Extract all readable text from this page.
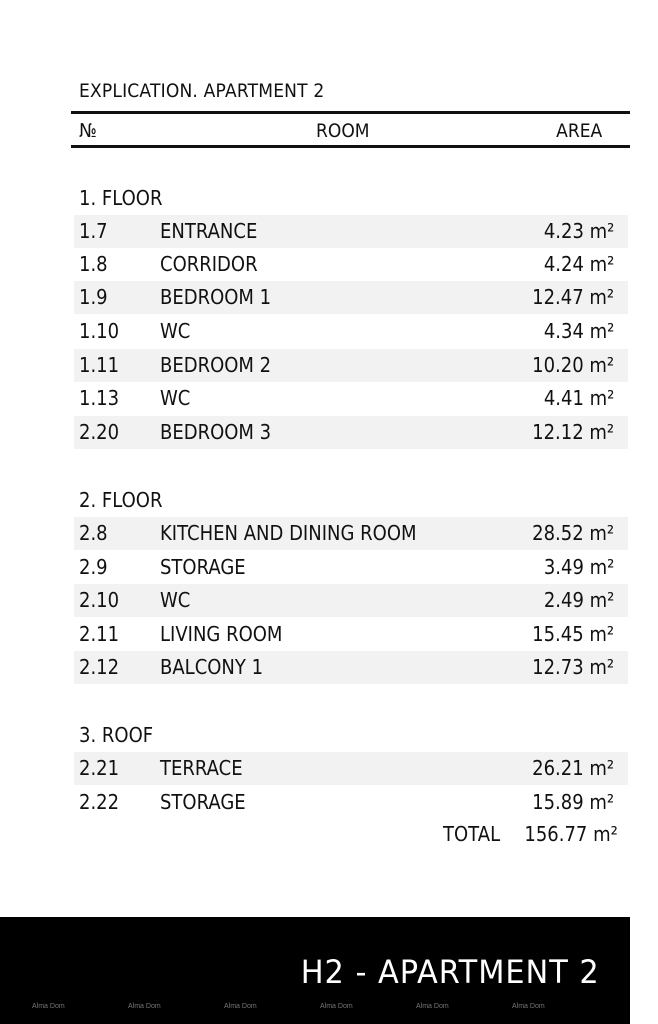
EXPLICATION. APARTMENT 2
№	ROOM	AREA
1. FLOOR
1.7	ENTRANCE	4.23 m²
1.8	CORRIDOR	4.24 m²
1.9	BEDROOM 1	12.47 m²
1.10 WC	4.34 m²
1.11 BEDROOM 2	10.20 m²
1.13 WC	4.41 m²
2.20 BEDROOM 3	12.12 m²
2. FLOOR
2.8	KITCHEN AND DINING ROOM	28.52 m²
2.9	STORAGE	3.49 m²
2.10 WC	2.49 m²
2.11 LIVING ROOM	15.45 m²
2.12 BALCONY 1	12.73 m²
3. ROOF
2.21 TERRACE	26.21 m²
2.22 STORAGE	15.89 m²
TOTAL 156.77 m²
H2 - APARTMENT 2
Alma Dom	Alma Dom	Alma Dom	Alma Dom	Alma Dom	Alma Dom
